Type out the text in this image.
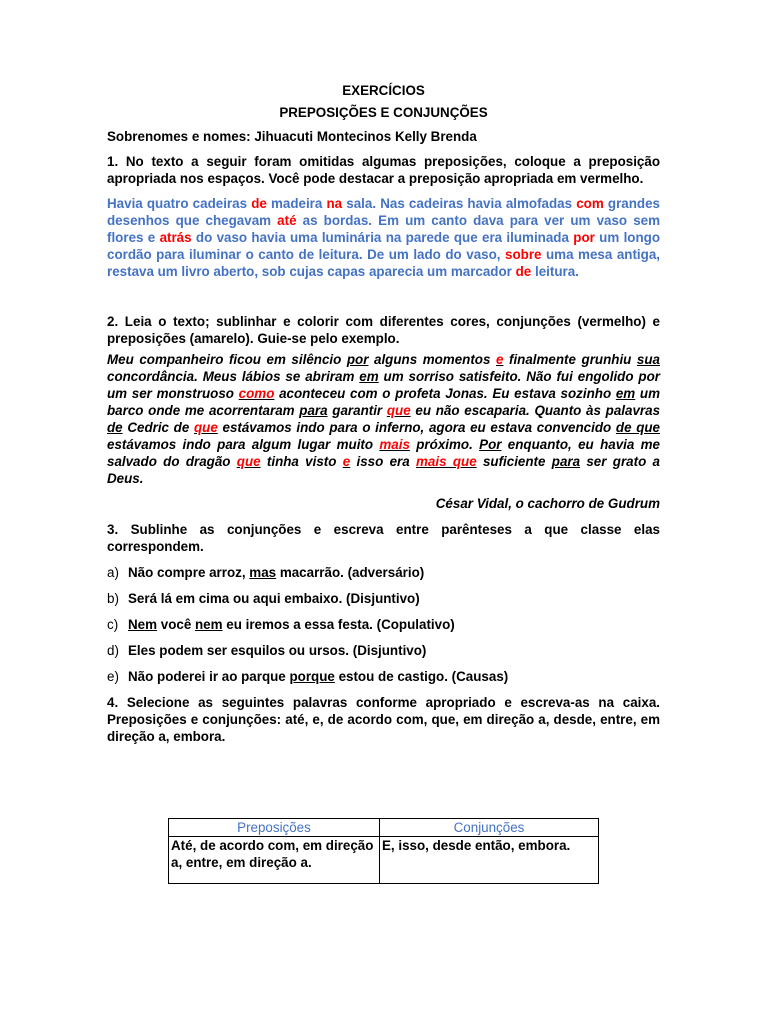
EXERCÍCIOS

PREPOSIÇÕES E CONJUNÇÕES

Sobrenomes e nomes: Jihuacuti Montecinos Kelly Brenda

1. No texto a seguir foram omitidas algumas preposições, coloque a preposição apropriada nos espaços. Você pode destacar a preposição apropriada em vermelho.

Havia quatro cadeiras de madeira na sala. Nas cadeiras havia almofadas com grandes desenhos que chegavam até as bordas. Em um canto dava para ver um vaso sem flores e atrás do vaso havia uma luminária na parede que era iluminada por um longo cordão para iluminar o canto de leitura. De um lado do vaso, sobre uma mesa antiga, restava um livro aberto, sob cujas capas aparecia um marcador de leitura.

2. Leia o texto; sublinhar e colorir com diferentes cores, conjunções (vermelho) e preposições (amarelo). Guie-se pelo exemplo.

Meu companheiro ficou em silêncio por alguns momentos e finalmente grunhiu sua concordância. Meus lábios se abriram em um sorriso satisfeito. Não fui engolido por um ser monstruoso como aconteceu com o profeta Jonas. Eu estava sozinho em um barco onde me acorrentaram para garantir que eu não escaparia. Quanto às palavras de Cedric de que estávamos indo para o inferno, agora eu estava convencido de que estávamos indo para algum lugar muito mais próximo. Por enquanto, eu havia me salvado do dragão que tinha visto e isso era mais que suficiente para ser grato a Deus.

César Vidal, o cachorro de Gudrum

3. Sublinhe as conjunções e escreva entre parênteses a que classe elas correspondem.

a) Não compre arroz, mas macarrão. (adversário)

b) Será lá em cima ou aqui embaixo. (Disjuntivo)

c) Nem você nem eu iremos a essa festa. (Copulativo)

d) Eles podem ser esquilos ou ursos. (Disjuntivo)

e) Não poderei ir ao parque porque estou de castigo. (Causas)

4. Selecione as seguintes palavras conforme apropriado e escreva-as na caixa. Preposições e conjunções: até, e, de acordo com, que, em direção a, desde, entre, em direção a, embora.

Preposições	Conjunções
Até, de acordo com, em direção a, entre, em direção a.	E, isso, desde então, embora.
